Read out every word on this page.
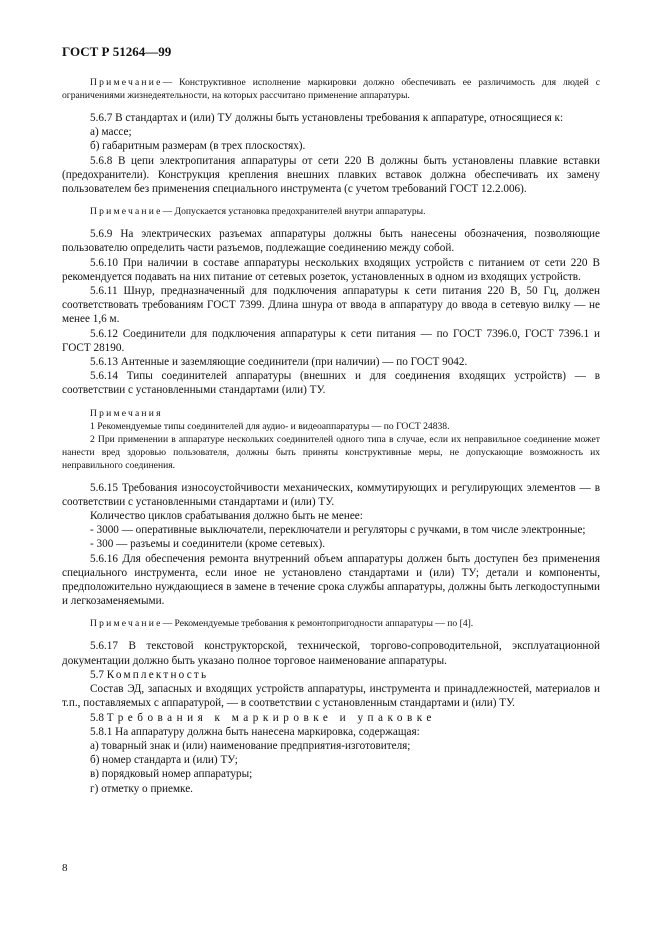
ГОСТ Р 51264—99

Примечание— Конструктивное исполнение маркировки должно обеспечивать ее различимость для людей с ограничениями жизнедеятельности, на которых рассчитано применение аппаратуры.

5.6.7 В стандартах и (или) ТУ должны быть установлены требования к аппаратуре, относящиеся к:

а) массе;

б) габаритным размерам (в трех плоскостях).

5.6.8 В цепи электропитания аппаратуры от сети 220 В должны быть установлены плавкие вставки (предохранители). Конструкция крепления внешних плавких вставок должна обеспечивать их замену пользователем без применения специального инструмента (с учетом требований ГОСТ 12.2.006).

Примечание— Допускается установка предохранителей внутри аппаратуры.

5.6.9 На электрических разъемах аппаратуры должны быть нанесены обозначения, позволяющие пользователю определить части разъемов, подлежащие соединению между собой.

5.6.10 При наличии в составе аппаратуры нескольких входящих устройств с питанием от сети 220 В рекомендуется подавать на них питание от сетевых розеток, установленных в одном из входящих устройств.

5.6.11 Шнур, предназначенный для подключения аппаратуры к сети питания 220 В, 50 Гц, должен соответствовать требованиям ГОСТ 7399. Длина шнура от ввода в аппаратуру до ввода в сетевую вилку — не менее 1,6 м.

5.6.12 Соединители для подключения аппаратуры к сети питания — по ГОСТ 7396.0, ГОСТ 7396.1 и ГОСТ 28190.

5.6.13 Антенные и заземляющие соединители (при наличии) — по ГОСТ 9042.

5.6.14 Типы соединителей аппаратуры (внешних и для соединения входящих устройств) — в соответствии с установленными стандартами (или) ТУ.

Примечания

1 Рекомендуемые типы соединителей для аудио- и видеоаппаратуры — по ГОСТ 24838.

2 При применении в аппаратуре нескольких соединителей одного типа в случае, если их неправильное соединение может нанести вред здоровью пользователя, должны быть приняты конструктивные меры, не допускающие возможность их неправильного соединения.

5.6.15 Требования износоустойчивости механических, коммутирующих и регулирующих элементов — в соответствии с установленными стандартами и (или) ТУ.

Количество циклов срабатывания должно быть не менее:

- 3000 — оперативные выключатели, переключатели и регуляторы с ручками, в том числе электронные;

- 300 — разъемы и соединители (кроме сетевых).

5.6.16 Для обеспечения ремонта внутренний объем аппаратуры должен быть доступен без применения специального инструмента, если иное не установлено стандартами и (или) ТУ; детали и компоненты, предположительно нуждающиеся в замене в течение срока службы аппаратуры, должны быть легкодоступными и легкозаменяемыми.

Примечание— Рекомендуемые требования к ремонтопригодности аппаратуры — по [4].

5.6.17 В текстовой конструкторской, технической, торгово-сопроводительной, эксплуатационной документации должно быть указано полное торговое наименование аппаратуры.

5.7 Комплектность

Состав ЭД, запасных и входящих устройств аппаратуры, инструмента и принадлежностей, материалов и т.п., поставляемых с аппаратурой, — в соответствии с установленным стандартами и (или) ТУ.

5.8 Требования к маркировке и упаковке

5.8.1 На аппаратуру должна быть нанесена маркировка, содержащая:

а) товарный знак и (или) наименование предприятия-изготовителя;

б) номер стандарта и (или) ТУ;

в) порядковый номер аппаратуры;

г) отметку о приемке.

8
